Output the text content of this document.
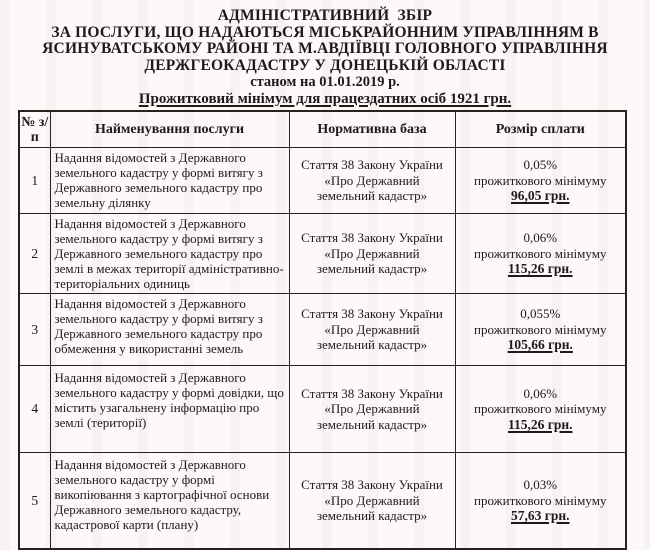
АДМІНІСТРАТИВНИЙ  ЗБІР
ЗА ПОСЛУГИ, ЩО НАДАЮТЬСЯ МІСЬКРАЙОННИМ УПРАВЛІННЯМ В
ЯСИНУВАТСЬКОМУ РАЙОНІ ТА М.АВДІЇВЦІ ГОЛОВНОГО УПРАВЛІННЯ
ДЕРЖГЕОКАДАСТРУ У ДОНЕЦЬКІЙ ОБЛАСТІ
станом на 01.01.2019 р.
Прожитковий мінімум для працездатних осіб 1921 грн.
№ з/п	Найменування послуги	Нормативна база	Розмір сплати
1	Надання відомостей з Державного земельного кадастру у формі витягу з Державного земельного кадастру про земельну ділянку	Стаття 38 Закону України «Про Державний земельний кадастр»	0,05%
прожиткового мінімуму
96,05 грн.

2	Надання відомостей з Державного земельного кадастру у формі витягу з Державного земельного кадастру про землі в межах території адміністративно-територіальних одиниць	Стаття 38 Закону України «Про Державний земельний кадастр»	0,06%
прожиткового мінімуму
115,26 грн.

3	Надання відомостей з Державного земельного кадастру у формі витягу з Державного земельного кадастру про обмеження у використанні земель	Стаття 38 Закону України «Про Державний земельний кадастр»	0,055%
прожиткового мінімуму
105,66 грн.

4	Надання відомостей з Державного земельного кадастру у формі довідки, що містить узагальнену інформацію про землі (території)	Стаття 38 Закону України «Про Державний земельний кадастр»	0,06%
прожиткового мінімуму
115,26 грн.

5	Надання відомостей з Державного земельного кадастру у формі викопіювання з картографічної основи Державного земельного кадастру, кадастрової карти (плану)	Стаття 38 Закону України «Про Державний земельний кадастр»	0,03%
прожиткового мінімуму
57,63 грн.
